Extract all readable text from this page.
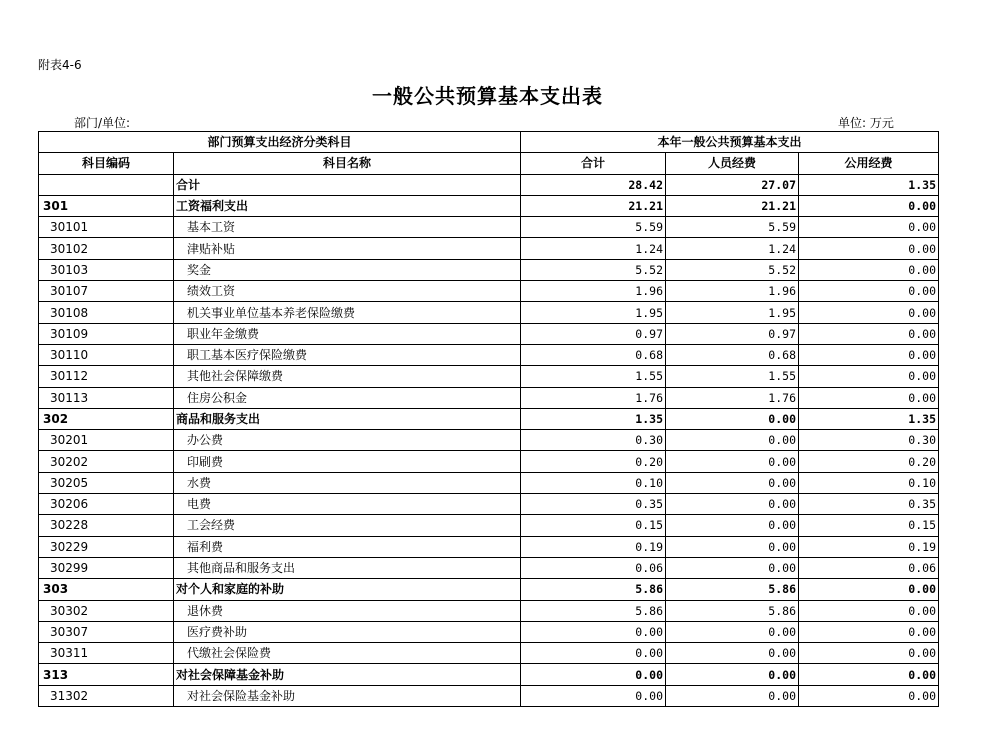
附表4-6
一般公共预算基本支出表
部门/单位:	单位: 万元
部门预算支出经济分类科目		本年一般公共预算基本支出		
科目编码	科目名称	合计	人员经费	公用经费
	合计	28.42	27.07	1.35
301	工资福利支出	21.21	21.21	0.00
30101	基本工资	5.59	5.59	0.00
30102	津贴补贴	1.24	1.24	0.00
30103	奖金	5.52	5.52	0.00
30107	绩效工资	1.96	1.96	0.00
30108	机关事业单位基本养老保险缴费	1.95	1.95	0.00
30109	职业年金缴费	0.97	0.97	0.00
30110	职工基本医疗保险缴费	0.68	0.68	0.00
30112	其他社会保障缴费	1.55	1.55	0.00
30113	住房公积金	1.76	1.76	0.00
302	商品和服务支出	1.35	0.00	1.35
30201	办公费	0.30	0.00	0.30
30202	印刷费	0.20	0.00	0.20
30205	水费	0.10	0.00	0.10
30206	电费	0.35	0.00	0.35
30228	工会经费	0.15	0.00	0.15
30229	福利费	0.19	0.00	0.19
30299	其他商品和服务支出	0.06	0.00	0.06
303	对个人和家庭的补助	5.86	5.86	0.00
30302	退休费	5.86	5.86	0.00
30307	医疗费补助	0.00	0.00	0.00
30311	代缴社会保险费	0.00	0.00	0.00
313	对社会保障基金补助	0.00	0.00	0.00
31302	对社会保险基金补助	0.00	0.00	0.00
